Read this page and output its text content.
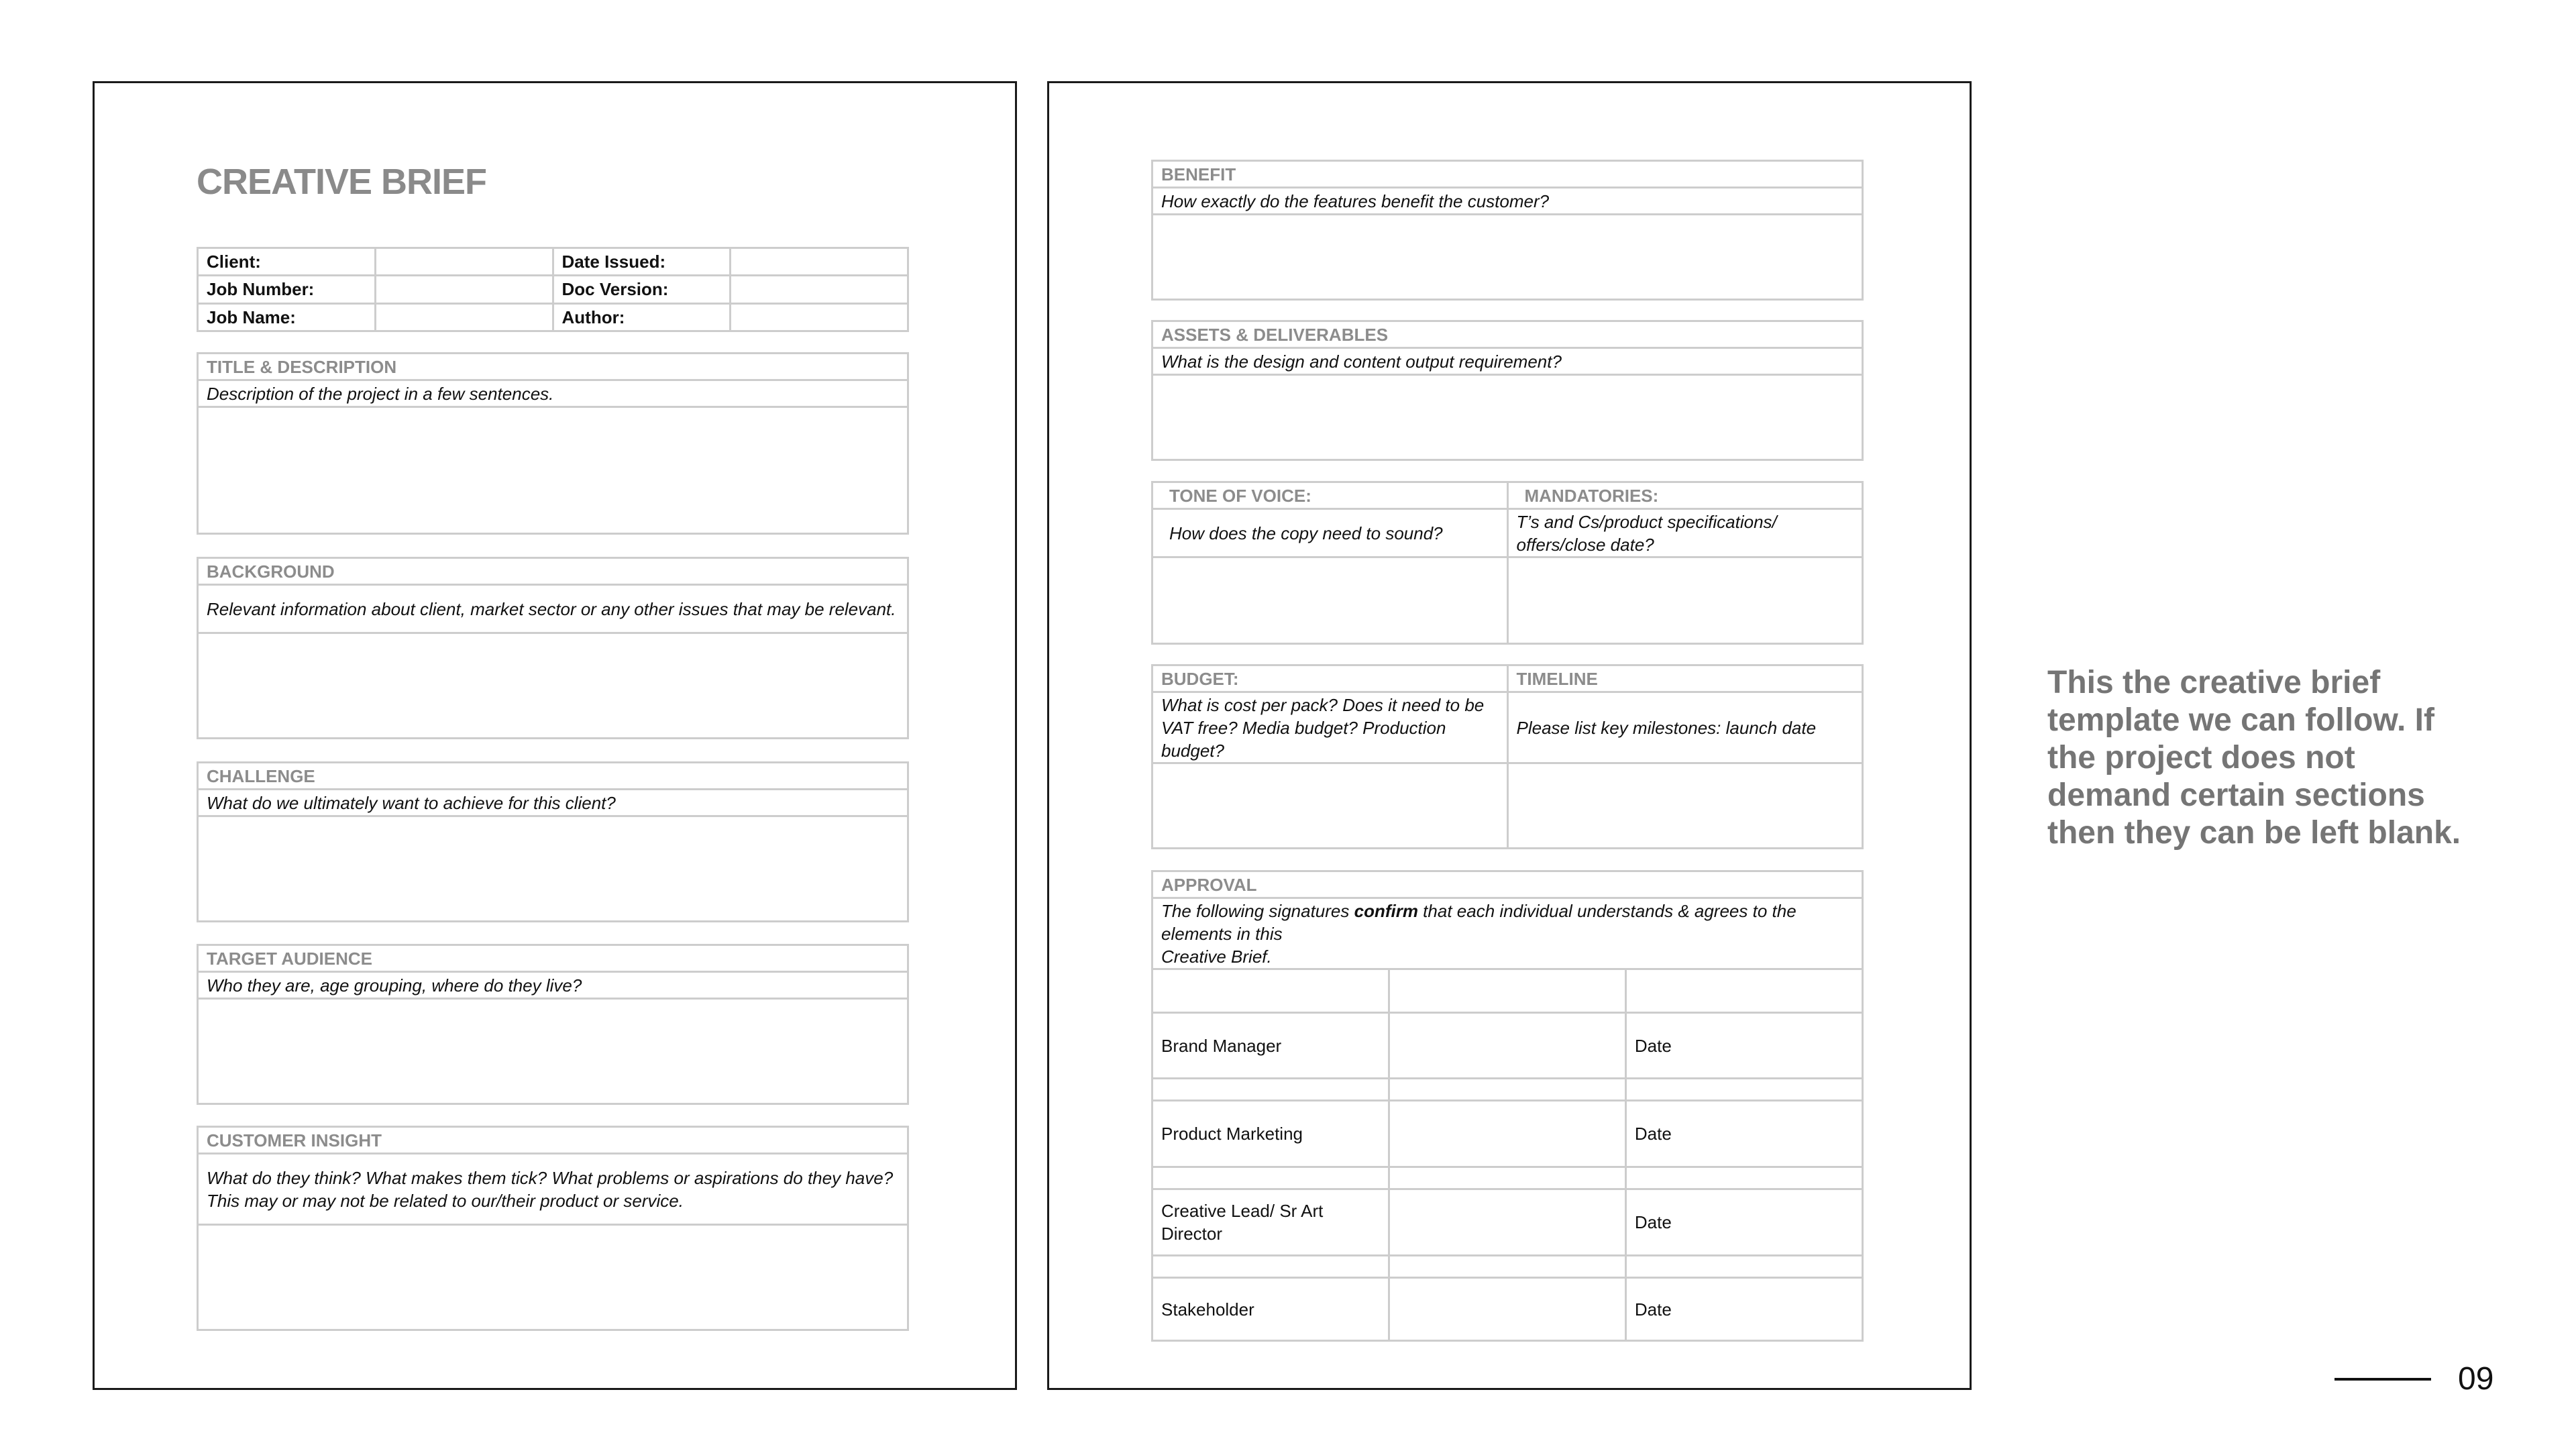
CREATIVE BRIEF
Client:		Date Issued:	
Job Number:		Doc Version:	
Job Name:		Author:	
TITLE & DESCRIPTION
Description of the project in a few sentences.

BACKGROUND
Relevant information about client, market sector or any other issues that may be relevant.

CHALLENGE
What do we ultimately want to achieve for this client?

TARGET AUDIENCE
Who they are, age grouping, where do they live?

CUSTOMER INSIGHT

What do they think? What makes them tick? What problems or aspirations do they have?
This may or may not be related to our/their product or service.

BENEFIT
How exactly do the features benefit the customer?

ASSETS & DELIVERABLES
What is the design and content output requirement?

TONE OF VOICE:	MANDATORIES:
How does the copy need to sound?	T’s and Cs/product specifications/ offers/close date?

BUDGET:	TIMELINE
What is cost per pack? Does it need to be VAT free? Media budget? Production budget?	Please list key milestones: launch date

APPROVAL		
The following signatures confirm that each individual understands & agrees to the elements in this
Creative Brief.		

Brand Manager		Date

Product Marketing		Date

Creative Lead/ Sr Art Director		Date

Stakeholder		Date

This the creative brief template we can follow. If the project does not demand certain sections then they can be left blank.

09
